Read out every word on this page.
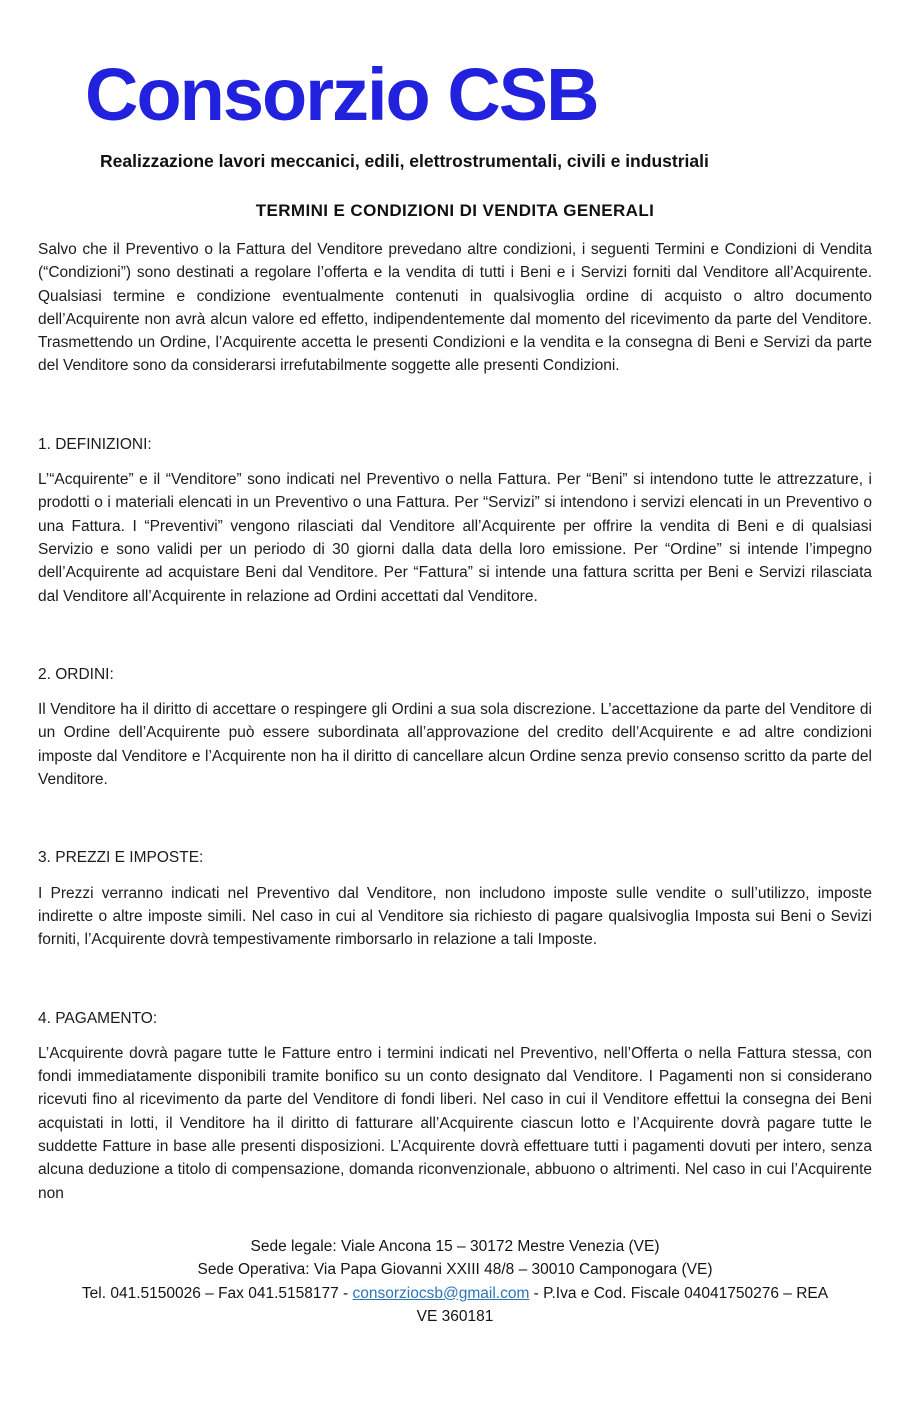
Consorzio CSB
Realizzazione lavori meccanici, edili, elettrostrumentali, civili e industriali
TERMINI E CONDIZIONI DI VENDITA GENERALI

Salvo che il Preventivo o la Fattura del Venditore prevedano altre condizioni, i seguenti Termini e Condizioni di Vendita (“Condizioni”) sono destinati a regolare l’offerta e la vendita di tutti i Beni e i Servizi forniti dal Venditore all’Acquirente. Qualsiasi termine e condizione eventualmente contenuti in qualsivoglia ordine di acquisto o altro documento dell’Acquirente non avrà alcun valore ed effetto, indipendentemente dal momento del ricevimento da parte del Venditore. Trasmettendo un Ordine, l’Acquirente accetta le presenti Condizioni e la vendita e la consegna di Beni e Servizi da parte del Venditore sono da considerarsi irrefutabilmente soggette alle presenti Condizioni.

1. DEFINIZIONI:

L’“Acquirente” e il “Venditore” sono indicati nel Preventivo o nella Fattura. Per “Beni” si intendono tutte le attrezzature, i prodotti o i materiali elencati in un Preventivo o una Fattura. Per “Servizi” si intendono i servizi elencati in un Preventivo o una Fattura. I “Preventivi” vengono rilasciati dal Venditore all’Acquirente per offrire la vendita di Beni e di qualsiasi Servizio e sono validi per un periodo di 30 giorni dalla data della loro emissione. Per “Ordine” si intende l’impegno dell’Acquirente ad acquistare Beni dal Venditore. Per “Fattura” si intende una fattura scritta per Beni e Servizi rilasciata dal Venditore all’Acquirente in relazione ad Ordini accettati dal Venditore.

2. ORDINI:

Il Venditore ha il diritto di accettare o respingere gli Ordini a sua sola discrezione. L’accettazione da parte del Venditore di un Ordine dell’Acquirente può essere subordinata all’approvazione del credito dell’Acquirente e ad altre condizioni imposte dal Venditore e l’Acquirente non ha il diritto di cancellare alcun Ordine senza previo consenso scritto da parte del Venditore.

3. PREZZI E IMPOSTE:

I Prezzi verranno indicati nel Preventivo dal Venditore, non includono imposte sulle vendite o sull’utilizzo, imposte indirette o altre imposte simili. Nel caso in cui al Venditore sia richiesto di pagare qualsivoglia Imposta sui Beni o Sevizi forniti, l’Acquirente dovrà tempestivamente rimborsarlo in relazione a tali Imposte.

4. PAGAMENTO:

L’Acquirente dovrà pagare tutte le Fatture entro i termini indicati nel Preventivo, nell’Offerta o nella Fattura stessa, con fondi immediatamente disponibili tramite bonifico su un conto designato dal Venditore. I Pagamenti non si considerano ricevuti fino al ricevimento da parte del Venditore di fondi liberi. Nel caso in cui il Venditore effettui la consegna dei Beni acquistati in lotti, il Venditore ha il diritto di fatturare all’Acquirente ciascun lotto e l’Acquirente dovrà pagare tutte le suddette Fatture in base alle presenti disposizioni. L’Acquirente dovrà effettuare tutti i pagamenti dovuti per intero, senza alcuna deduzione a titolo di compensazione, domanda riconvenzionale, abbuono o altrimenti. Nel caso in cui l’Acquirente non

Sede legale: Viale Ancona 15 – 30172 Mestre Venezia (VE)
Sede Operativa: Via Papa Giovanni XXIII 48/8 – 30010 Camponogara (VE)
Tel. 041.5150026 – Fax 041.5158177 - consorziocsb@gmail.com - P.Iva e Cod. Fiscale 04041750276 – REA
VE 360181
